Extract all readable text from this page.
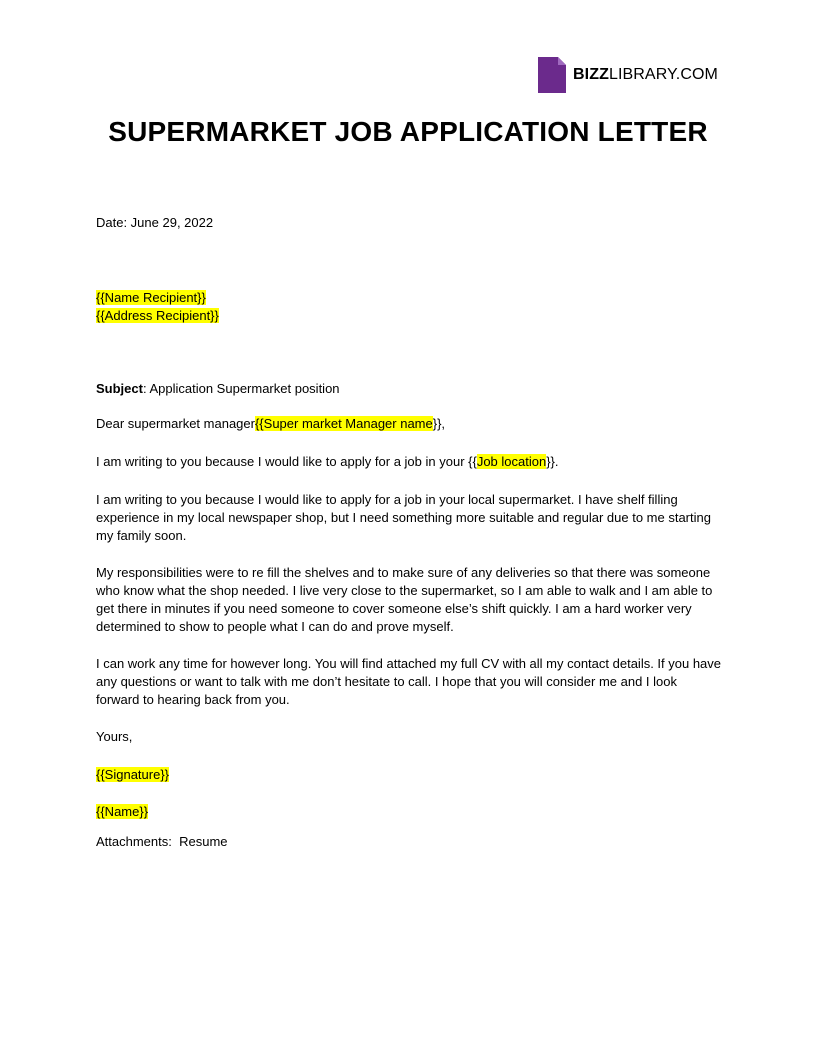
BIZZLIBRARY.COM
SUPERMARKET JOB APPLICATION LETTER
Date: June 29, 2022
{{Name Recipient}}
{{Address Recipient}}
Subject: Application Supermarket position
Dear supermarket manager{{Super market Manager name}},
I am writing to you because I would like to apply for a job in your {{Job location}}.
I am writing to you because I would like to apply for a job in your local supermarket. I have shelf filling experience in my local newspaper shop, but I need something more suitable and regular due to me starting my family soon.
My responsibilities were to re fill the shelves and to make sure of any deliveries so that there was someone who know what the shop needed. I live very close to the supermarket, so I am able to walk and I am able to get there in minutes if you need someone to cover someone else’s shift quickly. I am a hard worker very determined to show to people what I can do and prove myself.
I can work any time for however long. You will find attached my full CV with all my contact details. If you have any questions or want to talk with me don’t hesitate to call. I hope that you will consider me and I look forward to hearing back from you.
Yours,
{{Signature}}
{{Name}}
Attachments:  Resume
